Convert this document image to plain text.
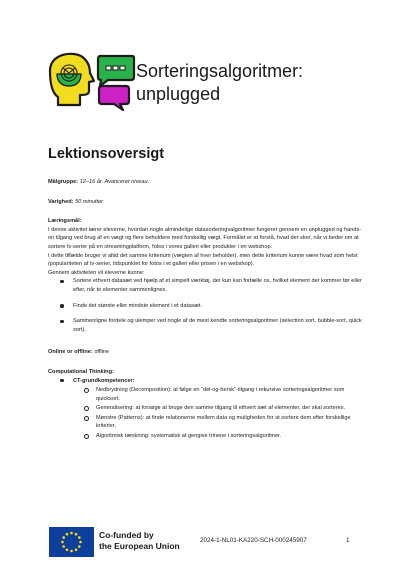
Sorteringsalgoritmer:
unplugged
Lektionsoversigt

Målgruppe: 12–16 år. Avanceret niveau.

Varighed: 50 minutter

Læringsmål:

I denne aktivitet lærer eleverne, hvordan nogle almindelige datasorteringsalgoritmer fungerer gennem en unplugged og hands-on tilgang ved brug af en vægt og flere beholdere med forskellig vægt. Formålet er at forstå, hvad der sker, når vi beder om at sortere tv-serier på en streamingplatform, fotos i vores galleri eller produkter i en webshop.

I dette tilfælde bruger vi altid det samme kriterium (vægten af hver beholder), men dette kriterium kunne være hvad som helst (populariteten af tv-serier, tidspunktet for fotos i et galleri eller prisen i en webshop).

Gennem aktiviteten vil eleverne kunne:

Sortere ethvert datasæt ved hjælp af et simpelt værktøj, der kun kan fortælle os, hvilket element der kommer før eller efter, når to elementer sammenlignes.
Finde det største eller mindste element i et datasæt.
Sammenligne fordele og ulemper ved nogle af de mest kendte sorteringsalgoritmer (selection sort, bubble-sort, quick sort).

Online or offline: offline

Computational Thinking:

CT-grundkompetencer:
Nedbrydning (Decomposition): at følge en “del-og-hersk”-tilgang i rekursive sorteringsalgoritmer som quicksort.
Generalisering: at forsøge at bruge den samme tilgang til ethvert sæt af elementer, der skal sorteres.
Mønstre (Patterns): at finde relationerne mellem data og muligheden for at sortere dem efter forskellige kriterier.
Algoritmisk tænkning: systematisk at gengive trinene i sorteringsalgoritmer.
Co-funded by
the European Union	2024-1-NL01-KA220-SCH-000245907	1
